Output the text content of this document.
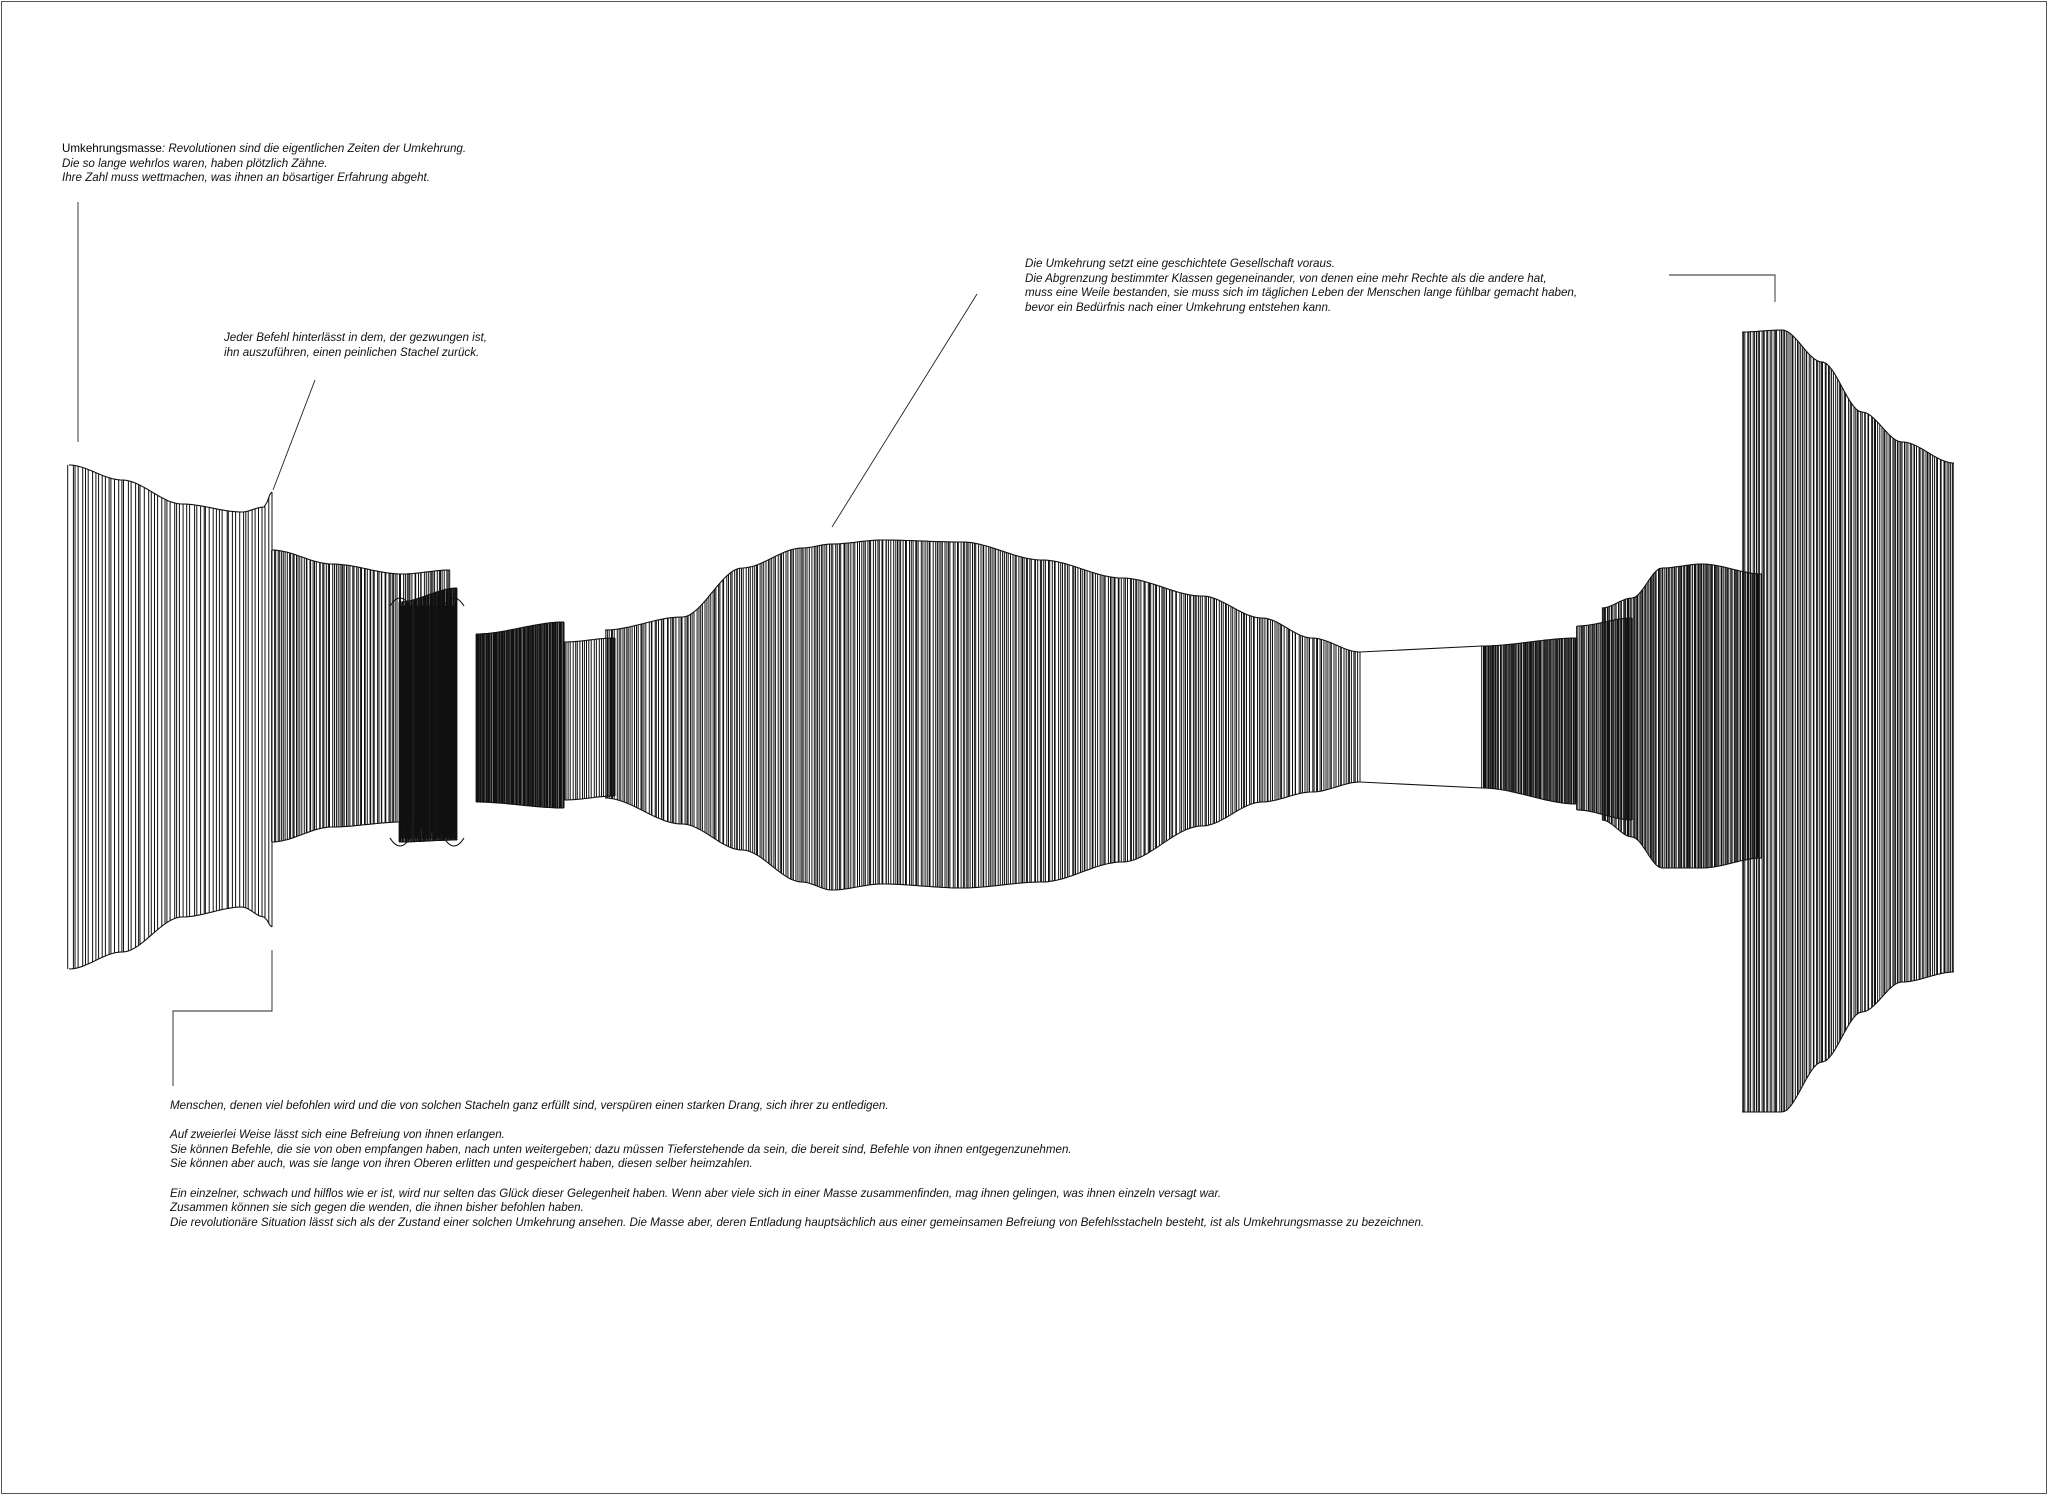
Umkehrungsmasse: Revolutionen sind die eigentlichen Zeiten der Umkehrung.

Die so lange wehrlos waren, haben plötzlich Zähne.

Ihre Zahl muss wettmachen, was ihnen an bösartiger Erfahrung abgeht.

Jeder Befehl hinterlässt in dem, der gezwungen ist,

ihn auszuführen, einen peinlichen Stachel zurück.

Die Umkehrung setzt eine geschichtete Gesellschaft voraus.

Die Abgrenzung bestimmter Klassen gegeneinander, von denen eine mehr Rechte als die andere hat,

muss eine Weile bestanden, sie muss sich im täglichen Leben der Menschen lange fühlbar gemacht haben,

bevor ein Bedürfnis nach einer Umkehrung entstehen kann.

Menschen, denen viel befohlen wird und die von solchen Stacheln ganz erfüllt sind, verspüren einen starken Drang, sich ihrer zu entledigen.

Auf zweierlei Weise lässt sich eine Befreiung von ihnen erlangen.

Sie können Befehle, die sie von oben empfangen haben, nach unten weitergeben; dazu müssen Tieferstehende da sein, die bereit sind, Befehle von ihnen entgegenzunehmen.

Sie können aber auch, was sie lange von ihren Oberen erlitten und gespeichert haben, diesen selber heimzahlen.

Ein einzelner, schwach und hilflos wie er ist, wird nur selten das Glück dieser Gelegenheit haben. Wenn aber viele sich in einer Masse zusammenfinden, mag ihnen gelingen, was ihnen einzeln versagt war.

Zusammen können sie sich gegen die wenden, die ihnen bisher befohlen haben.

Die revolutionäre Situation lässt sich als der Zustand einer solchen Umkehrung ansehen. Die Masse aber, deren Entladung hauptsächlich aus einer gemeinsamen Befreiung von Befehlsstacheln besteht, ist als Umkehrungsmasse zu bezeichnen.
